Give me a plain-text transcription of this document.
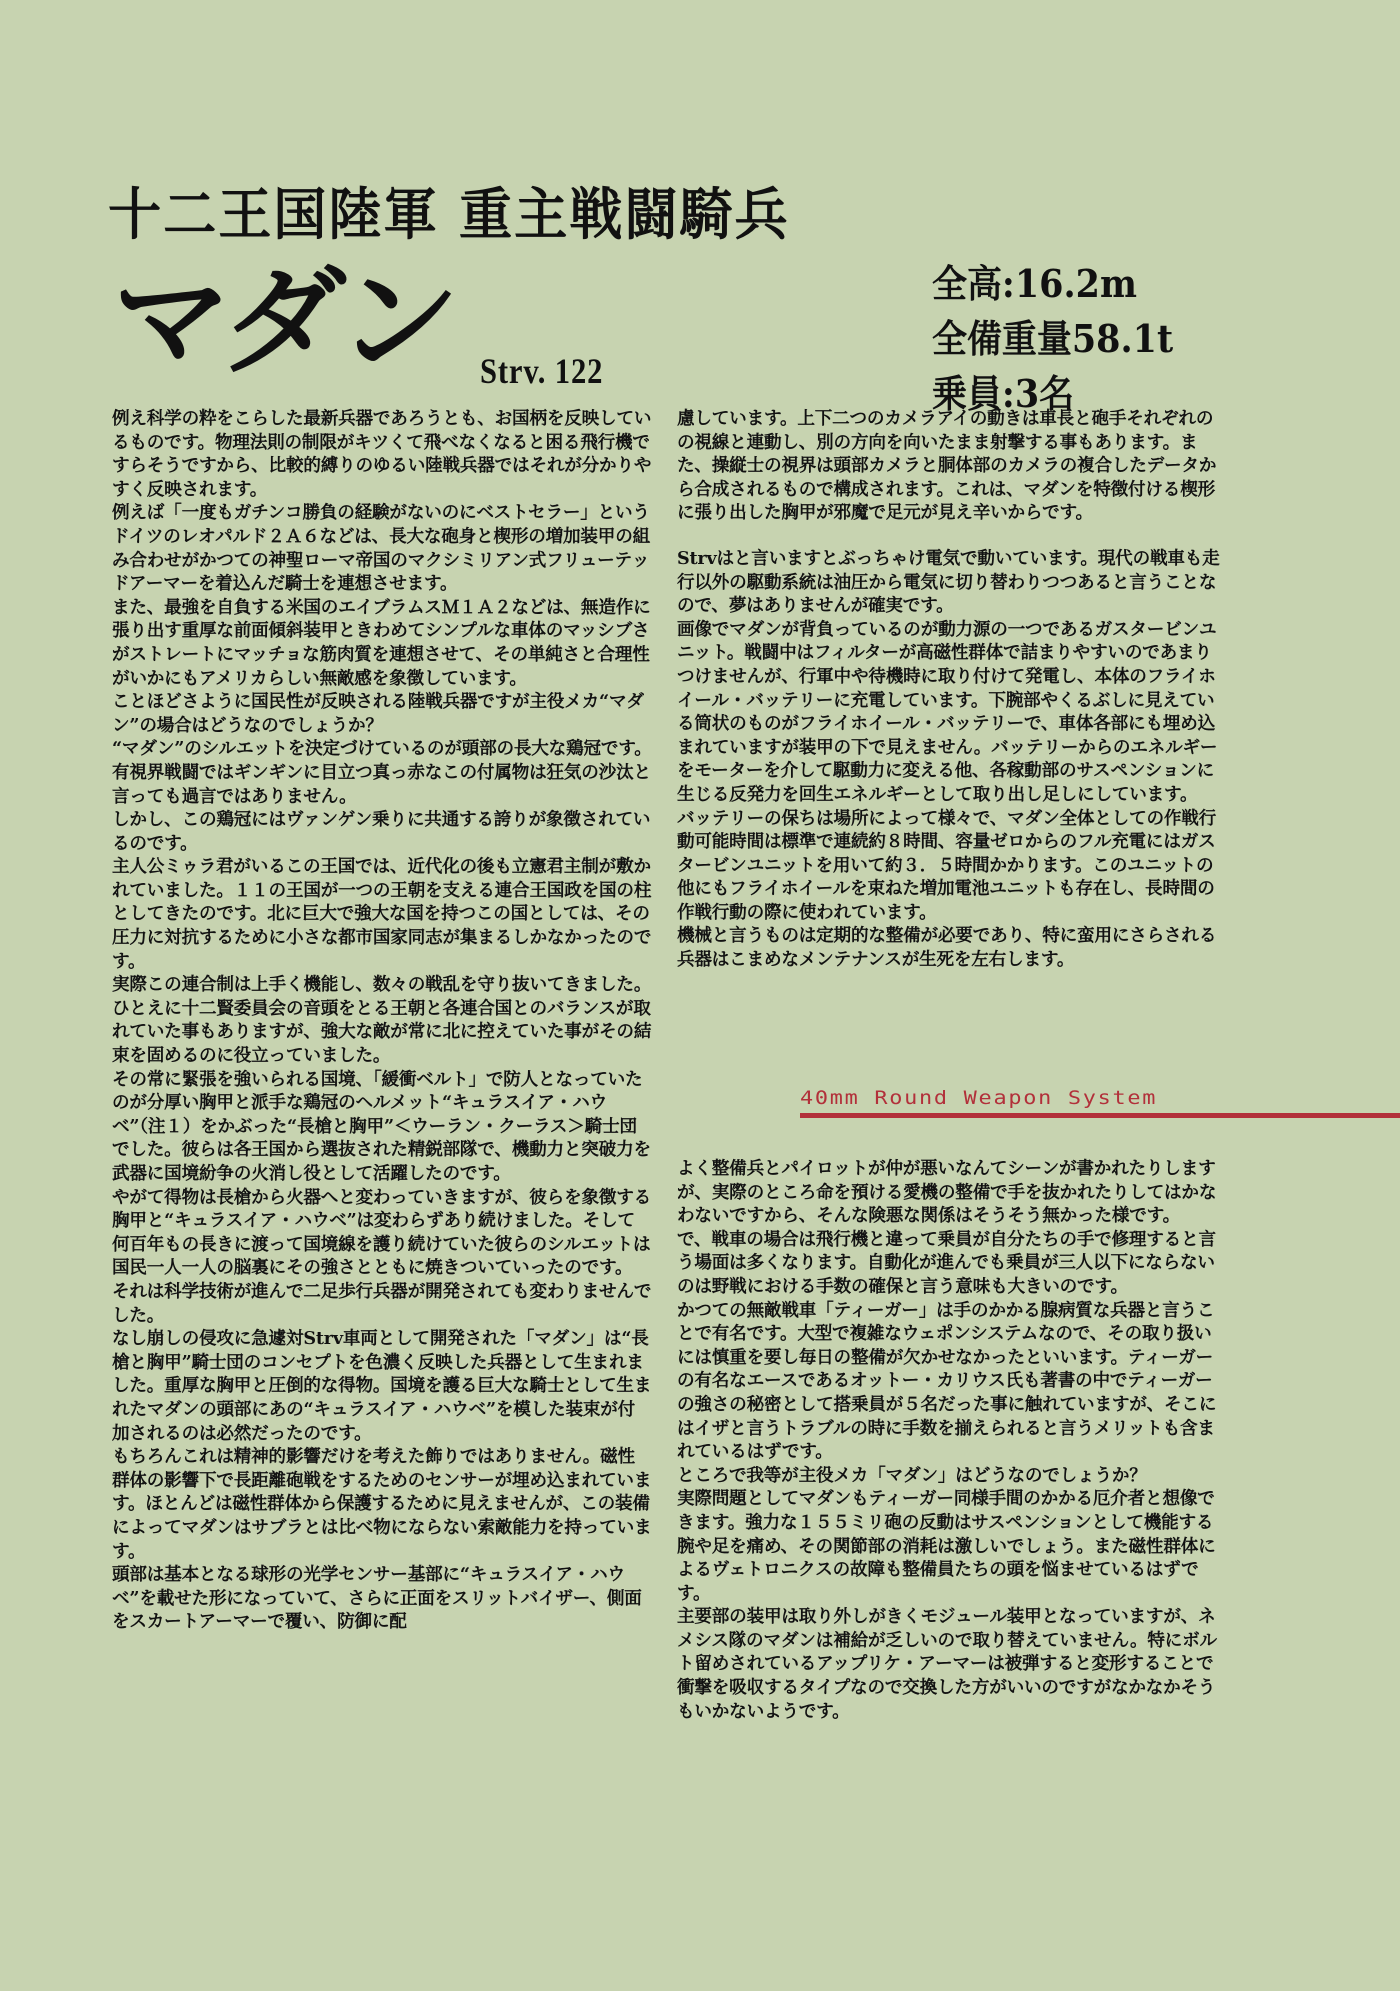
十二王国陸軍 重主戦闘騎兵
マダン Strv. 122
全高:16.2m
全備重量58.1t
乗員:3名

例え科学の粋をこらした最新兵器であろうとも、お国柄を反映しているものです。物理法則の制限がキツくて飛べなくなると困る飛行機ですらそうですから、比較的縛りのゆるい陸戦兵器ではそれが分かりやすく反映されます。

例えば「一度もガチンコ勝負の経験がないのにベストセラー」というドイツのレオパルド２Ａ６などは、長大な砲身と楔形の増加装甲の組み合わせがかつての神聖ローマ帝国のマクシミリアン式フリューテッドアーマーを着込んだ騎士を連想させます。

また、最強を自負する米国のエイブラムスＭ１Ａ２などは、無造作に張り出す重厚な前面傾斜装甲ときわめてシンプルな車体のマッシブさがストレートにマッチョな筋肉質を連想させて、その単純さと合理性がいかにもアメリカらしい無敵感を象徴しています。

ことほどさように国民性が反映される陸戦兵器ですが主役メカ“マダン”の場合はどうなのでしょうか？

“マダン”のシルエットを決定づけているのが頭部の長大な鶏冠です。有視界戦闘ではギンギンに目立つ真っ赤なこの付属物は狂気の沙汰と言っても過言ではありません。

しかし、この鶏冠にはヴァンゲン乗りに共通する誇りが象徴されているのです。

主人公ミゥラ君がいるこの王国では、近代化の後も立憲君主制が敷かれていました。１１の王国が一つの王朝を支える連合王国政を国の柱としてきたのです。北に巨大で強大な国を持つこの国としては、その圧力に対抗するために小さな都市国家同志が集まるしかなかったのです。

実際この連合制は上手く機能し、数々の戦乱を守り抜いてきました。ひとえに十二賢委員会の音頭をとる王朝と各連合国とのバランスが取れていた事もありますが、強大な敵が常に北に控えていた事がその結束を固めるのに役立っていました。

その常に緊張を強いられる国境、「緩衝ベルト」で防人となっていたのが分厚い胸甲と派手な鶏冠のヘルメット“キュラスイア・ハウベ”（注１）をかぶった“長槍と胸甲”＜ウーラン・クーラス＞騎士団でした。彼らは各王国から選抜された精鋭部隊で、機動力と突破力を武器に国境紛争の火消し役として活躍したのです。

やがて得物は長槍から火器へと変わっていきますが、彼らを象徴する胸甲と“キュラスイア・ハウベ”は変わらずあり続けました。そして何百年もの長きに渡って国境線を護り続けていた彼らのシルエットは国民一人一人の脳裏にその強さとともに焼きついていったのです。

それは科学技術が進んで二足歩行兵器が開発されても変わりませんでした。

なし崩しの侵攻に急遽対Strv車両として開発された「マダン」は“長槍と胸甲”騎士団のコンセプトを色濃く反映した兵器として生まれました。重厚な胸甲と圧倒的な得物。国境を護る巨大な騎士として生まれたマダンの頭部にあの“キュラスイア・ハウベ”を模した装束が付加されるのは必然だったのです。

もちろんこれは精神的影響だけを考えた飾りではありません。磁性群体の影響下で長距離砲戦をするためのセンサーが埋め込まれています。ほとんどは磁性群体から保護するために見えませんが、この装備によってマダンはサブラとは比べ物にならない索敵能力を持っています。

頭部は基本となる球形の光学センサー基部に“キュラスイア・ハウベ”を載せた形になっていて、さらに正面をスリットバイザー、側面をスカートアーマーで覆い、防御に配

慮しています。上下二つのカメラアイの動きは車長と砲手それぞれのの視線と連動し、別の方向を向いたまま射撃する事もあります。また、操縦士の視界は頭部カメラと胴体部のカメラの複合したデータから合成されるもので構成されます。これは、マダンを特徴付ける楔形に張り出した胸甲が邪魔で足元が見え辛いからです。

Strvはと言いますとぶっちゃけ電気で動いています。現代の戦車も走行以外の駆動系統は油圧から電気に切り替わりつつあると言うことなので、夢はありませんが確実です。

画像でマダンが背負っているのが動力源の一つであるガスタービンユニット。戦闘中はフィルターが高磁性群体で詰まりやすいのであまりつけませんが、行軍中や待機時に取り付けて発電し、本体のフライホイール・バッテリーに充電しています。下腕部やくるぶしに見えている筒状のものがフライホイール・バッテリーで、車体各部にも埋め込まれていますが装甲の下で見えません。バッテリーからのエネルギーをモーターを介して駆動力に変える他、各稼動部のサスペンションに生じる反発力を回生エネルギーとして取り出し足しにしています。

バッテリーの保ちは場所によって様々で、マダン全体としての作戦行動可能時間は標準で連続約８時間、容量ゼロからのフル充電にはガスタービンユニットを用いて約３．５時間かかります。このユニットの他にもフライホイールを束ねた増加電池ユニットも存在し、長時間の作戦行動の際に使われています。

機械と言うものは定期的な整備が必要であり、特に蛮用にさらされる兵器はこまめなメンテナンスが生死を左右します。

40mm Round Weapon System

よく整備兵とパイロットが仲が悪いなんてシーンが書かれたりしますが、実際のところ命を預ける愛機の整備で手を抜かれたりしてはかなわないですから、そんな険悪な関係はそうそう無かった様です。

で、戦車の場合は飛行機と違って乗員が自分たちの手で修理すると言う場面は多くなります。自動化が進んでも乗員が三人以下にならないのは野戦における手数の確保と言う意味も大きいのです。

かつての無敵戦車「ティーガー」は手のかかる腺病質な兵器と言うことで有名です。大型で複雑なウェポンシステムなので、その取り扱いには慎重を要し毎日の整備が欠かせなかったといいます。ティーガーの有名なエースであるオットー・カリウス氏も著書の中でティーガーの強さの秘密として搭乗員が５名だった事に触れていますが、そこにはイザと言うトラブルの時に手数を揃えられると言うメリットも含まれているはずです。

ところで我等が主役メカ「マダン」はどうなのでしょうか？

実際問題としてマダンもティーガー同様手間のかかる厄介者と想像できます。強力な１５５ミリ砲の反動はサスペンションとして機能する腕や足を痛め、その関節部の消耗は激しいでしょう。また磁性群体によるヴェトロニクスの故障も整備員たちの頭を悩ませているはずです。

主要部の装甲は取り外しがきくモジュール装甲となっていますが、ネメシス隊のマダンは補給が乏しいので取り替えていません。特にボルト留めされているアップリケ・アーマーは被弾すると変形することで衝撃を吸収するタイプなので交換した方がいいのですがなかなかそうもいかないようです。
